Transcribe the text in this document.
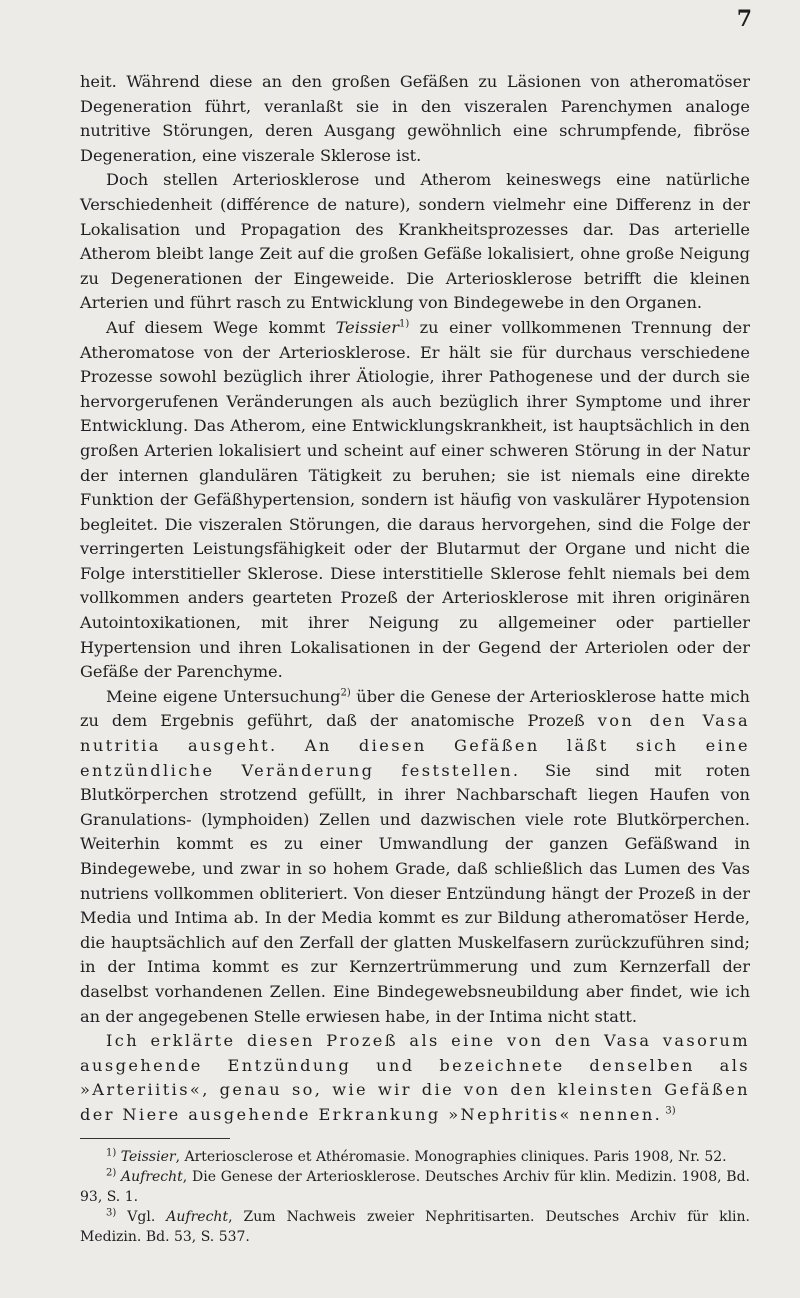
7

heit. Während diese an den großen Gefäßen zu Läsionen von atheromatöser Degeneration führt, veranlaßt sie in den viszeralen Parenchymen analoge nutritive Störungen, deren Ausgang gewöhnlich eine schrumpfende, fibröse Degeneration, eine viszerale Sklerose ist.

Doch stellen Arteriosklerose und Atherom keineswegs eine natürliche Verschiedenheit (différence de nature), sondern vielmehr eine Differenz in der Lokalisation und Propagation des Krankheitsprozesses dar. Das arterielle Atherom bleibt lange Zeit auf die großen Gefäße lokalisiert, ohne große Neigung zu Degenerationen der Eingeweide. Die Arteriosklerose betrifft die kleinen Arterien und führt rasch zu Entwicklung von Bindegewebe in den Organen.

Auf diesem Wege kommt Teissier$^{1)}$ zu einer vollkommenen Trennung der Atheromatose von der Arteriosklerose. Er hält sie für durchaus verschiedene Prozesse sowohl bezüglich ihrer Ätiologie, ihrer Pathogenese und der durch sie hervorgerufenen Veränderungen als auch bezüglich ihrer Symptome und ihrer Entwicklung. Das Atherom, eine Entwicklungskrankheit, ist hauptsächlich in den großen Arterien lokalisiert und scheint auf einer schweren Störung in der Natur der internen glandulären Tätigkeit zu beruhen; sie ist niemals eine direkte Funktion der Gefäßhypertension, sondern ist häufig von vaskulärer Hypotension begleitet. Die viszeralen Störungen, die daraus hervorgehen, sind die Folge der verringerten Leistungsfähigkeit oder der Blutarmut der Organe und nicht die Folge interstitieller Sklerose. Diese interstitielle Sklerose fehlt niemals bei dem vollkommen anders gearteten Prozeß der Arteriosklerose mit ihren originären Autointoxikationen, mit ihrer Neigung zu allgemeiner oder partieller Hypertension und ihren Lokalisationen in der Gegend der Arteriolen oder der Gefäße der Parenchyme.

Meine eigene Untersuchung$^{2)}$ über die Genese der Arteriosklerose hatte mich zu dem Ergebnis geführt, daß der anatomische Prozeß von den Vasa nutritia ausgeht. An diesen Gefäßen läßt sich eine entzündliche Veränderung feststellen. Sie sind mit roten Blutkörperchen strotzend gefüllt, in ihrer Nachbarschaft liegen Haufen von Granulations- (lymphoiden) Zellen und dazwischen viele rote Blutkörperchen. Weiterhin kommt es zu einer Umwandlung der ganzen Gefäßwand in Bindegewebe, und zwar in so hohem Grade, daß schließlich das Lumen des Vas nutriens vollkommen obliteriert. Von dieser Entzündung hängt der Prozeß in der Media und Intima ab. In der Media kommt es zur Bildung atheromatöser Herde, die hauptsächlich auf den Zerfall der glatten Muskelfasern zurückzuführen sind; in der Intima kommt es zur Kernzertrümmerung und zum Kernzerfall der daselbst vorhandenen Zellen. Eine Bindegewebsneubildung aber findet, wie ich an der angegebenen Stelle erwiesen habe, in der Intima nicht statt.

Ich erklärte diesen Prozeß als eine von den Vasa vasorum ausgehende Entzündung und bezeichnete denselben als »Arteriitis«, genau so, wie wir die von den kleinsten Gefäßen der Niere ausgehende Erkrankung »Nephritis« nennen. $^{3)}$

$^{1)}$ Teissier, Arteriosclerose et Athéromasie. Monographies cliniques. Paris 1908, Nr. 52.

$^{2)}$ Aufrecht, Die Genese der Arteriosklerose. Deutsches Archiv für klin. Medizin. 1908, Bd. 93, S. 1.

$^{3)}$ Vgl. Aufrecht, Zum Nachweis zweier Nephritisarten. Deutsches Archiv für klin. Medizin. Bd. 53, S. 537.
